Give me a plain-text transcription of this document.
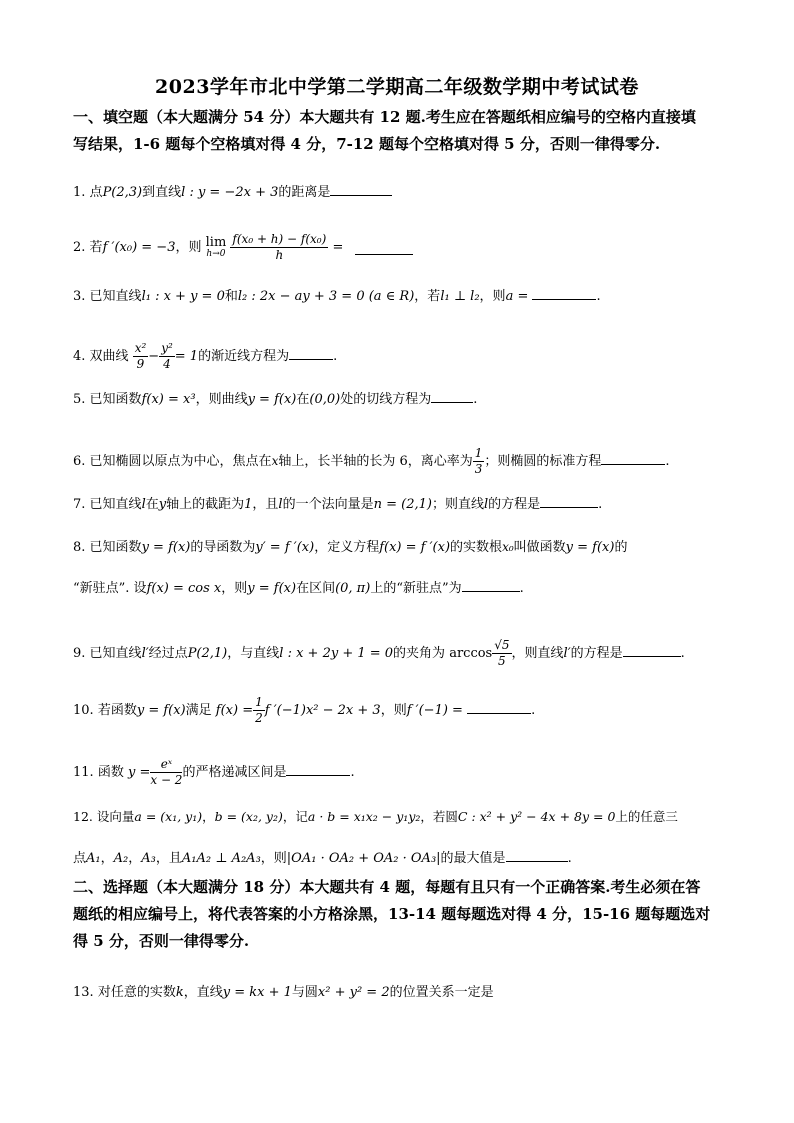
2023学年市北中学第二学期高二年级数学期中考试试卷
一、填空题（本大题满分 54 分）本大题共有 12 题.考生应在答题纸相应编号的空格内直接填
写结果，1-6 题每个空格填对得 4 分，7-12 题每个空格填对得 5 分，否则一律得零分.
1. 点P(2,3)到直线l : y = −2x + 3的距离是
2. 若f ′(x₀) = −3，则 lim
h→0
$\frac{\text{f(x₀ + h) − f(x₀)}}{h}$ =
3. 已知直线l₁ : x + y = 0和l₂ : 2x − ay + 3 = 0 (a ∈ R)，若l₁ ⊥ l₂，则a =	.
4. 双曲线 $\frac{\text{x²}}{9} - \frac{\text{y²}}{4} = 1$的渐近线方程为	.
5. 已知函数f(x) = x³，则曲线y = f(x)在(0,0)处的切线方程为	.
6. 已知椭圆以原点为中心，焦点在x轴上，长半轴的长为 6，离心率为 $\frac{1}{3}$ ；则椭圆的标准方程	.
7. 已知直线l在y轴上的截距为1，且l的一个法向量是n = (2,1)；则直线l的方程是	.
8. 已知函数y = f(x)的导函数为y′ = f ′(x)，定义方程f(x) = f ′(x)的实数根x₀叫做函数y = f(x)的
“新驻点”. 设f(x) = cos x，则y = f(x)在区间(0, π)上的“新驻点”为	.
9. 已知直线l′经过点P(2,1)，与直线l : x + 2y + 1 = 0的夹角为 $\arccos \frac{√5}{5}$ ，则直线l′的方程是	.
10. 若函数y = f(x)满足 $f(x) = \frac{1}{2}$ f ′(−1)x² − 2x + 3，则f ′(−1) =	.
11. 函数 $y = \frac{\text{eˣ}}{x - 2}$ 的严格递减区间是	.
12. 设向量a = (x₁, y₁)，b = (x₂, y₂)，记a · b = x₁x₂ − y₁y₂，若圆C : x² + y² − 4x + 8y = 0上的任意三
点A₁，A₂，A₃，且A₁A₂ ⊥ A₂A₃，则|OA₁ · OA₂ + OA₂ · OA₃|的最大值是	.
二、选择题（本大题满分 18 分）本大题共有 4 题，每题有且只有一个正确答案.考生必须在答
题纸的相应编号上，将代表答案的小方格涂黑，13-14 题每题选对得 4 分，15-16 题每题选对
得 5 分，否则一律得零分.
13. 对任意的实数k，直线y = kx + 1与圆x² + y² = 2的位置关系一定是
